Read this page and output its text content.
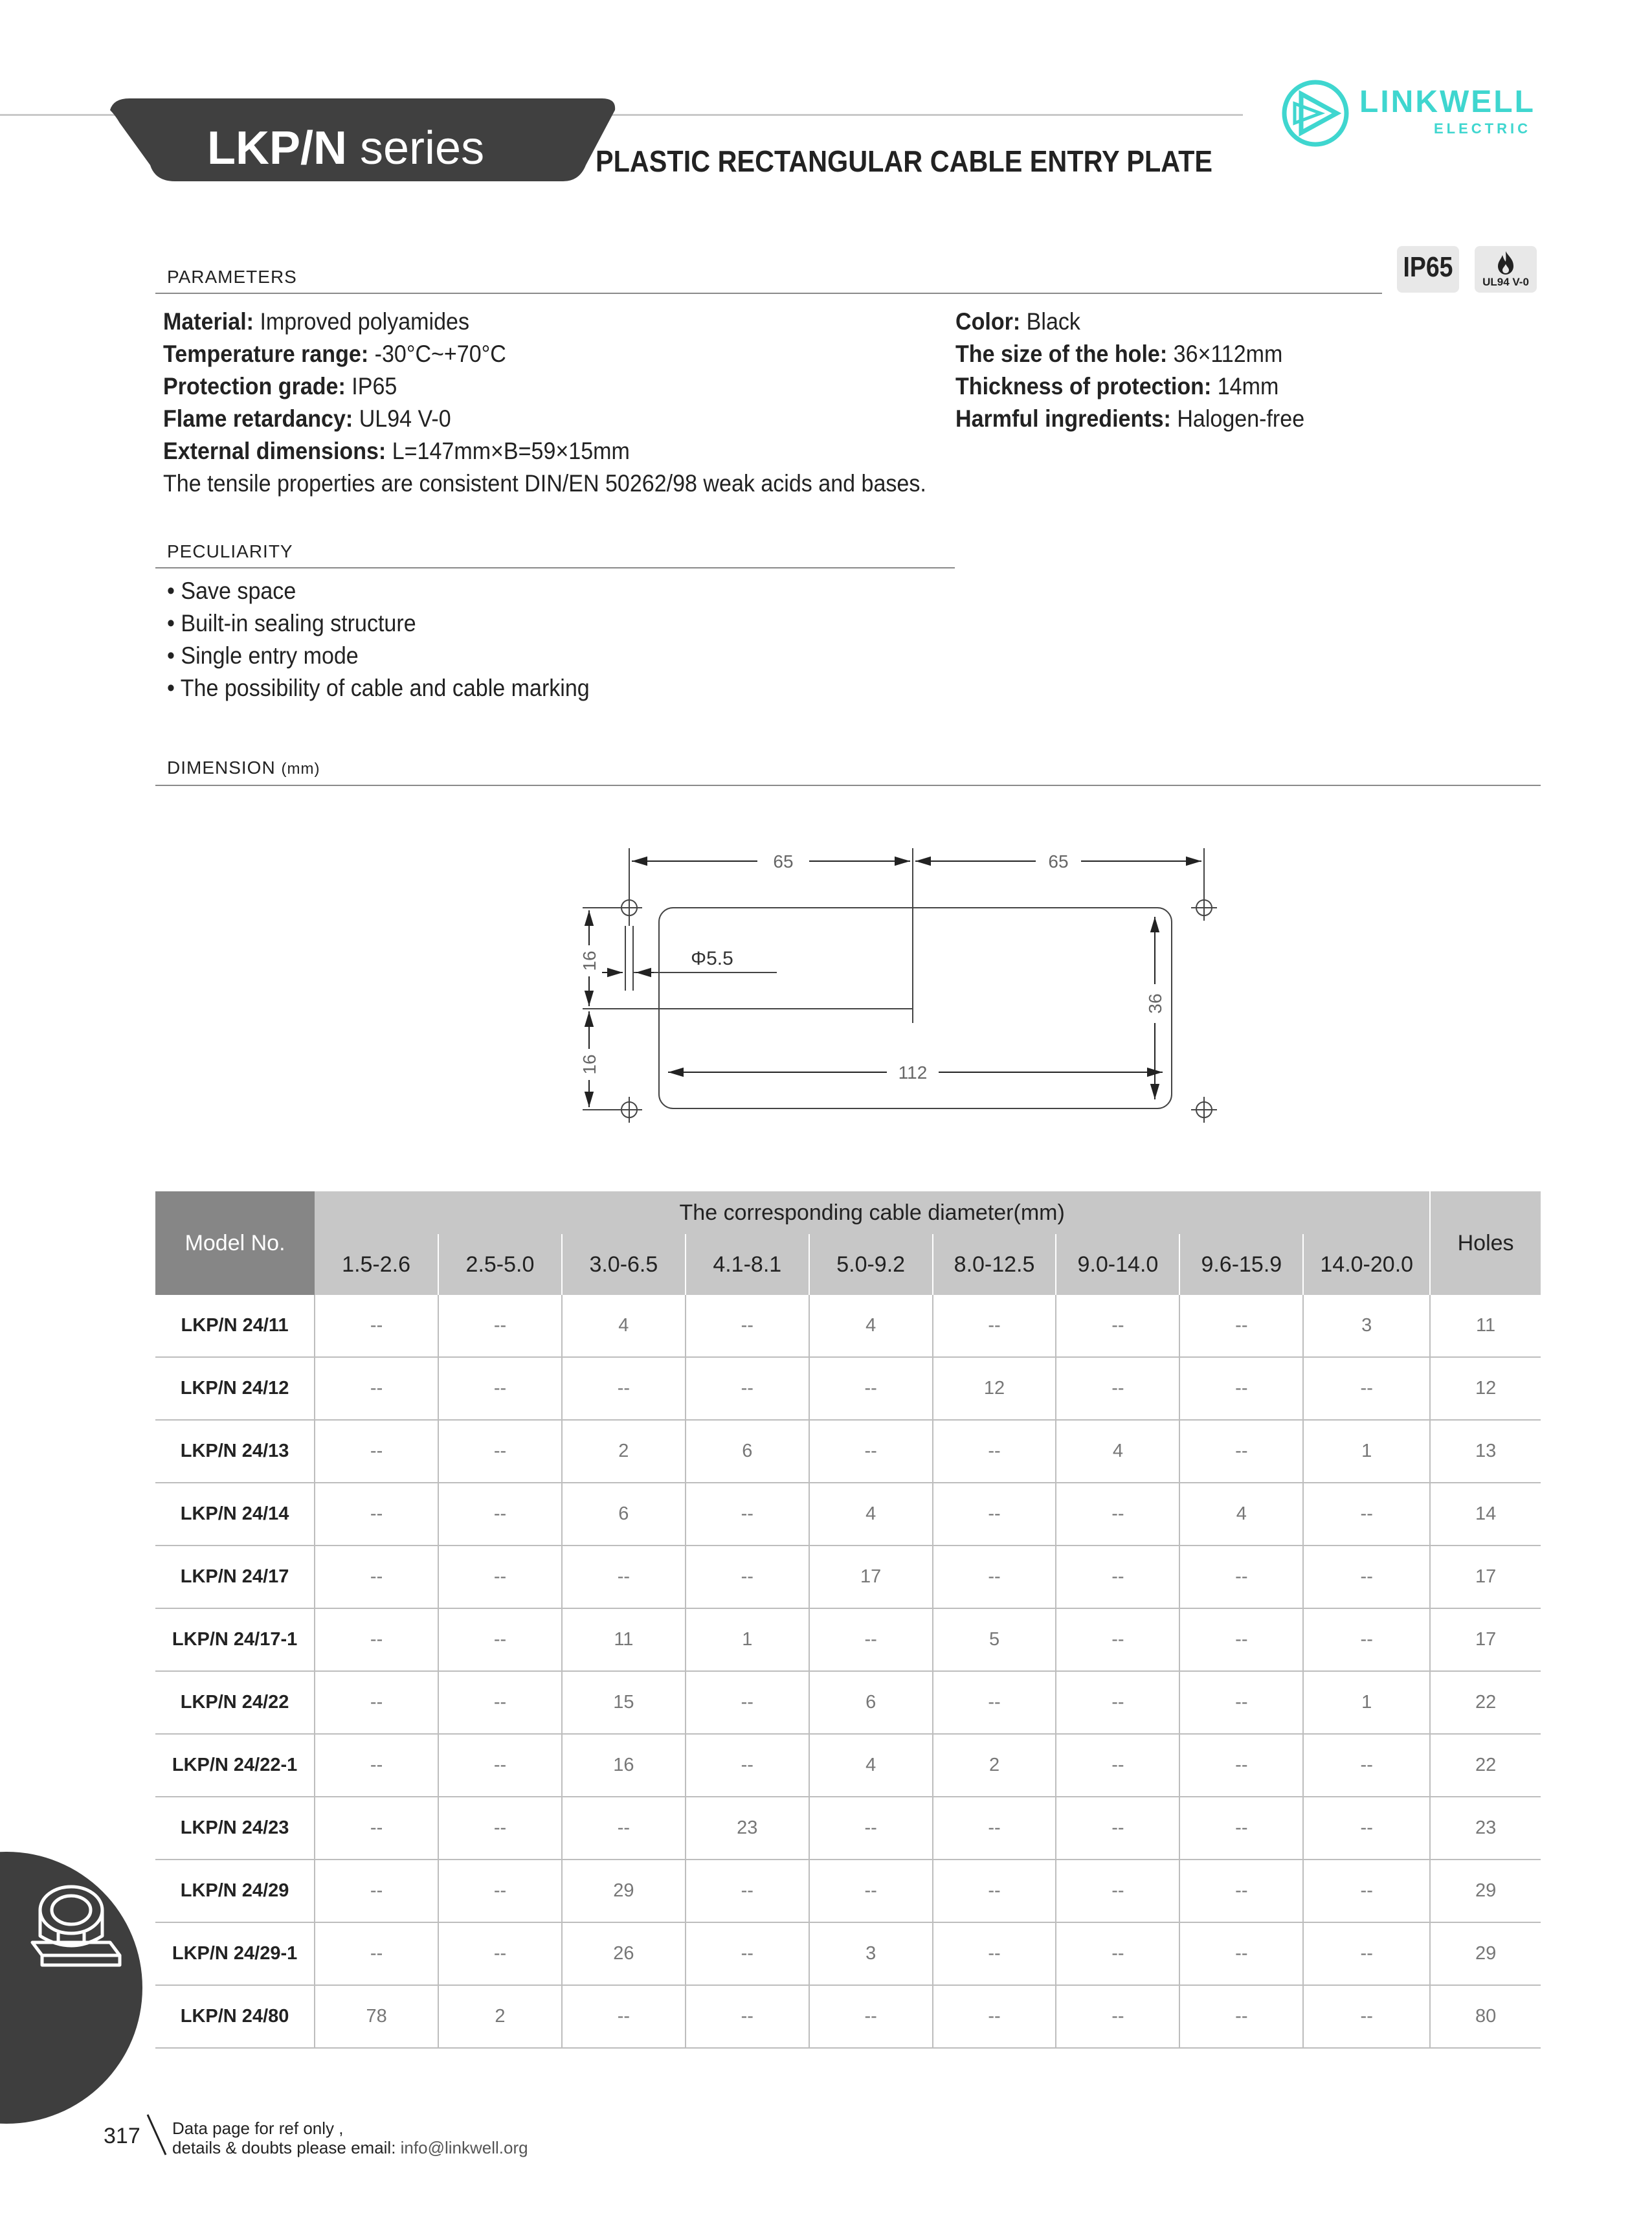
LKP/N series	PLASTIC RECTANGULAR CABLE ENTRY PLATE
LINKWELL
ELECTRIC
PARAMETERS	IP65	UL94 V-0
Material: Improved polyamides
Temperature range: -30°C~+70°C
Protection grade: IP65
Flame retardancy: UL94 V-0
External dimensions: L=147mm×B=59×15mm
The tensile properties are consistent DIN/EN 50262/98 weak acids and bases.
Color: Black
The size of the hole: 36×112mm
Thickness of protection: 14mm
Harmful ingredients: Halogen-free
PECULIARITY
• Save space
• Built-in sealing structure
• Single entry mode
• The possibility of cable and cable marking
DIMENSION (mm)
65	65
Φ5.5
16
16
36
112
Model No.	The corresponding cable diameter(mm)									Holes
	1.5-2.6	2.5-5.0	3.0-6.5	4.1-8.1	5.0-9.2	8.0-12.5	9.0-14.0	9.6-15.9	14.0-20.0	
LKP/N 24/11	--	--	4	--	4	--	--	--	3	11
LKP/N 24/12	--	--	--	--	--	12	--	--	--	12
LKP/N 24/13	--	--	2	6	--	--	4	--	1	13
LKP/N 24/14	--	--	6	--	4	--	--	4	--	14
LKP/N 24/17	--	--	--	--	17	--	--	--	--	17
LKP/N 24/17-1	--	--	11	1	--	5	--	--	--	17
LKP/N 24/22	--	--	15	--	6	--	--	--	1	22
LKP/N 24/22-1	--	--	16	--	4	2	--	--	--	22
LKP/N 24/23	--	--	--	23	--	--	--	--	--	23
LKP/N 24/29	--	--	29	--	--	--	--	--	--	29
LKP/N 24/29-1	--	--	26	--	3	--	--	--	--	29
LKP/N 24/80	78	2	--	--	--	--	--	--	--	80
317 Data page for ref only ,
details & doubts please email: info@linkwell.org
